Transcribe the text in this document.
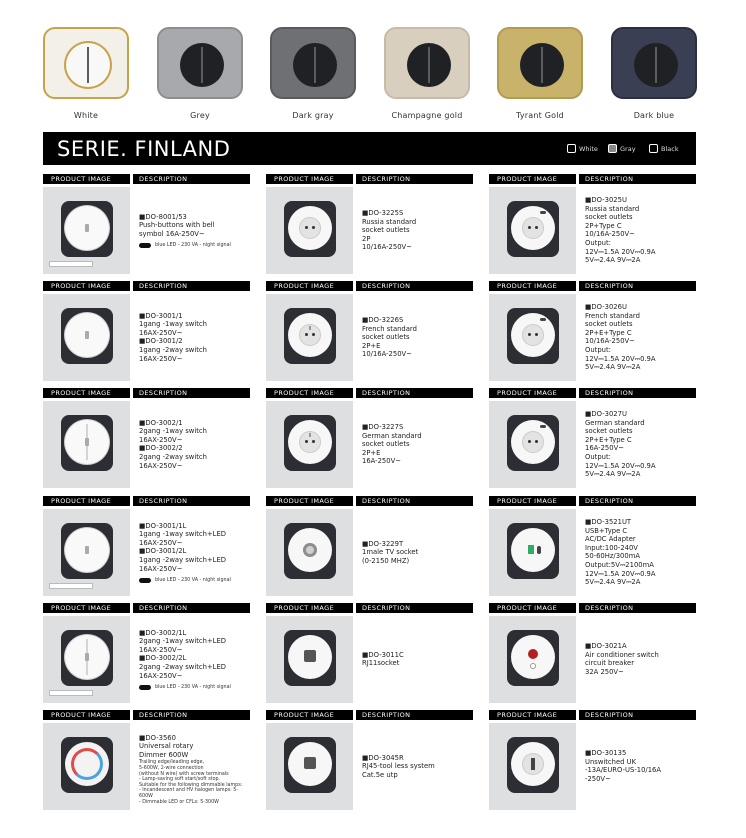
White	Grey	Dark gray	Champagne gold	Tyrant Gold	Dark blue
SERIE. FINLAND	White	Gray	Black
PRODUCT IMAGE	DESCRIPTION
■DO-8001/53
Push-buttons with bell
symbol 16A-250V~
blue LED - 230 VA - night signal
PRODUCT IMAGE	DESCRIPTION
■DO-3225S
Russia standard
socket outlets
2P
10/16A-250V~
PRODUCT IMAGE	DESCRIPTION
■DO-3025U
Russia standard
socket outlets
2P+Type C
10/16A-250V~
Output:
12V⎓1.5A 20V⎓0.9A
5V⎓2.4A 9V⎓2A
PRODUCT IMAGE	DESCRIPTION
■DO-3001/1
1gang -1way switch
16AX-250V~
■DO-3001/2
1gang -2way switch
16AX-250V~
PRODUCT IMAGE	DESCRIPTION
■DO-3226S
French standard
socket outlets
2P+E
10/16A-250V~
PRODUCT IMAGE	DESCRIPTION
■DO-3026U
French standard
socket outlets
2P+E+Type C
10/16A-250V~
Output:
12V⎓1.5A 20V⎓0.9A
5V⎓2.4A 9V⎓2A
PRODUCT IMAGE	DESCRIPTION
■DO-3002/1
2gang -1way switch
16AX-250V~
■DO-3002/2
2gang -2way switch
16AX-250V~
PRODUCT IMAGE	DESCRIPTION
■DO-3227S
German standard
socket outlets
2P+E
16A-250V~
PRODUCT IMAGE	DESCRIPTION
■DO-3027U
German standard
socket outlets
2P+E+Type C
16A-250V~
Output:
12V⎓1.5A 20V⎓0.9A
5V⎓2.4A 9V⎓2A
PRODUCT IMAGE	DESCRIPTION
■DO-3001/1L
1gang -1way switch+LED
16AX-250V~
■DO-3001/2L
1gang -2way switch+LED
16AX-250V~
blue LED - 230 VA - night signal
PRODUCT IMAGE	DESCRIPTION
■DO-3229T
1male TV socket
(0-2150 MHZ)
PRODUCT IMAGE	DESCRIPTION
■DO-3521UT
USB+Type C
AC/DC Adapter
Input:100-240V
50-60Hz/300mA
Output:5V⎓2100mA
12V⎓1.5A 20V⎓0.9A
5V⎓2.4A 9V⎓2A
PRODUCT IMAGE	DESCRIPTION
■DO-3002/1L
2gang -1way switch+LED
16AX-250V~
■DO-3002/2L
2gang -2way switch+LED
16AX-250V~
blue LED - 230 VA - night signal
PRODUCT IMAGE	DESCRIPTION
■DO-3011C
RJ11socket
PRODUCT IMAGE	DESCRIPTION
■DO-3021A
Air conditioner switch
circuit breaker
32A 250V~
PRODUCT IMAGE	DESCRIPTION
■DO-3560
Universal rotary
Dimmer 600W
Trailing edge/leading edge,
5-600W, 2-wire connection
(without N wire) with screw terminals
- Lamp-saving soft start/soft stop.
Suitable for the following dimmable lamps:
- Incandescent and HV halogen lamps: 5-600W
- Dimmable LED or CFLs: 5-300W
PRODUCT IMAGE	DESCRIPTION
■DO-3045R
RJ45-tool less system
Cat.5e utp
PRODUCT IMAGE	DESCRIPTION
■DO-30135
Unswitched UK
-13A/EURO-US-10/16A
-250V~
